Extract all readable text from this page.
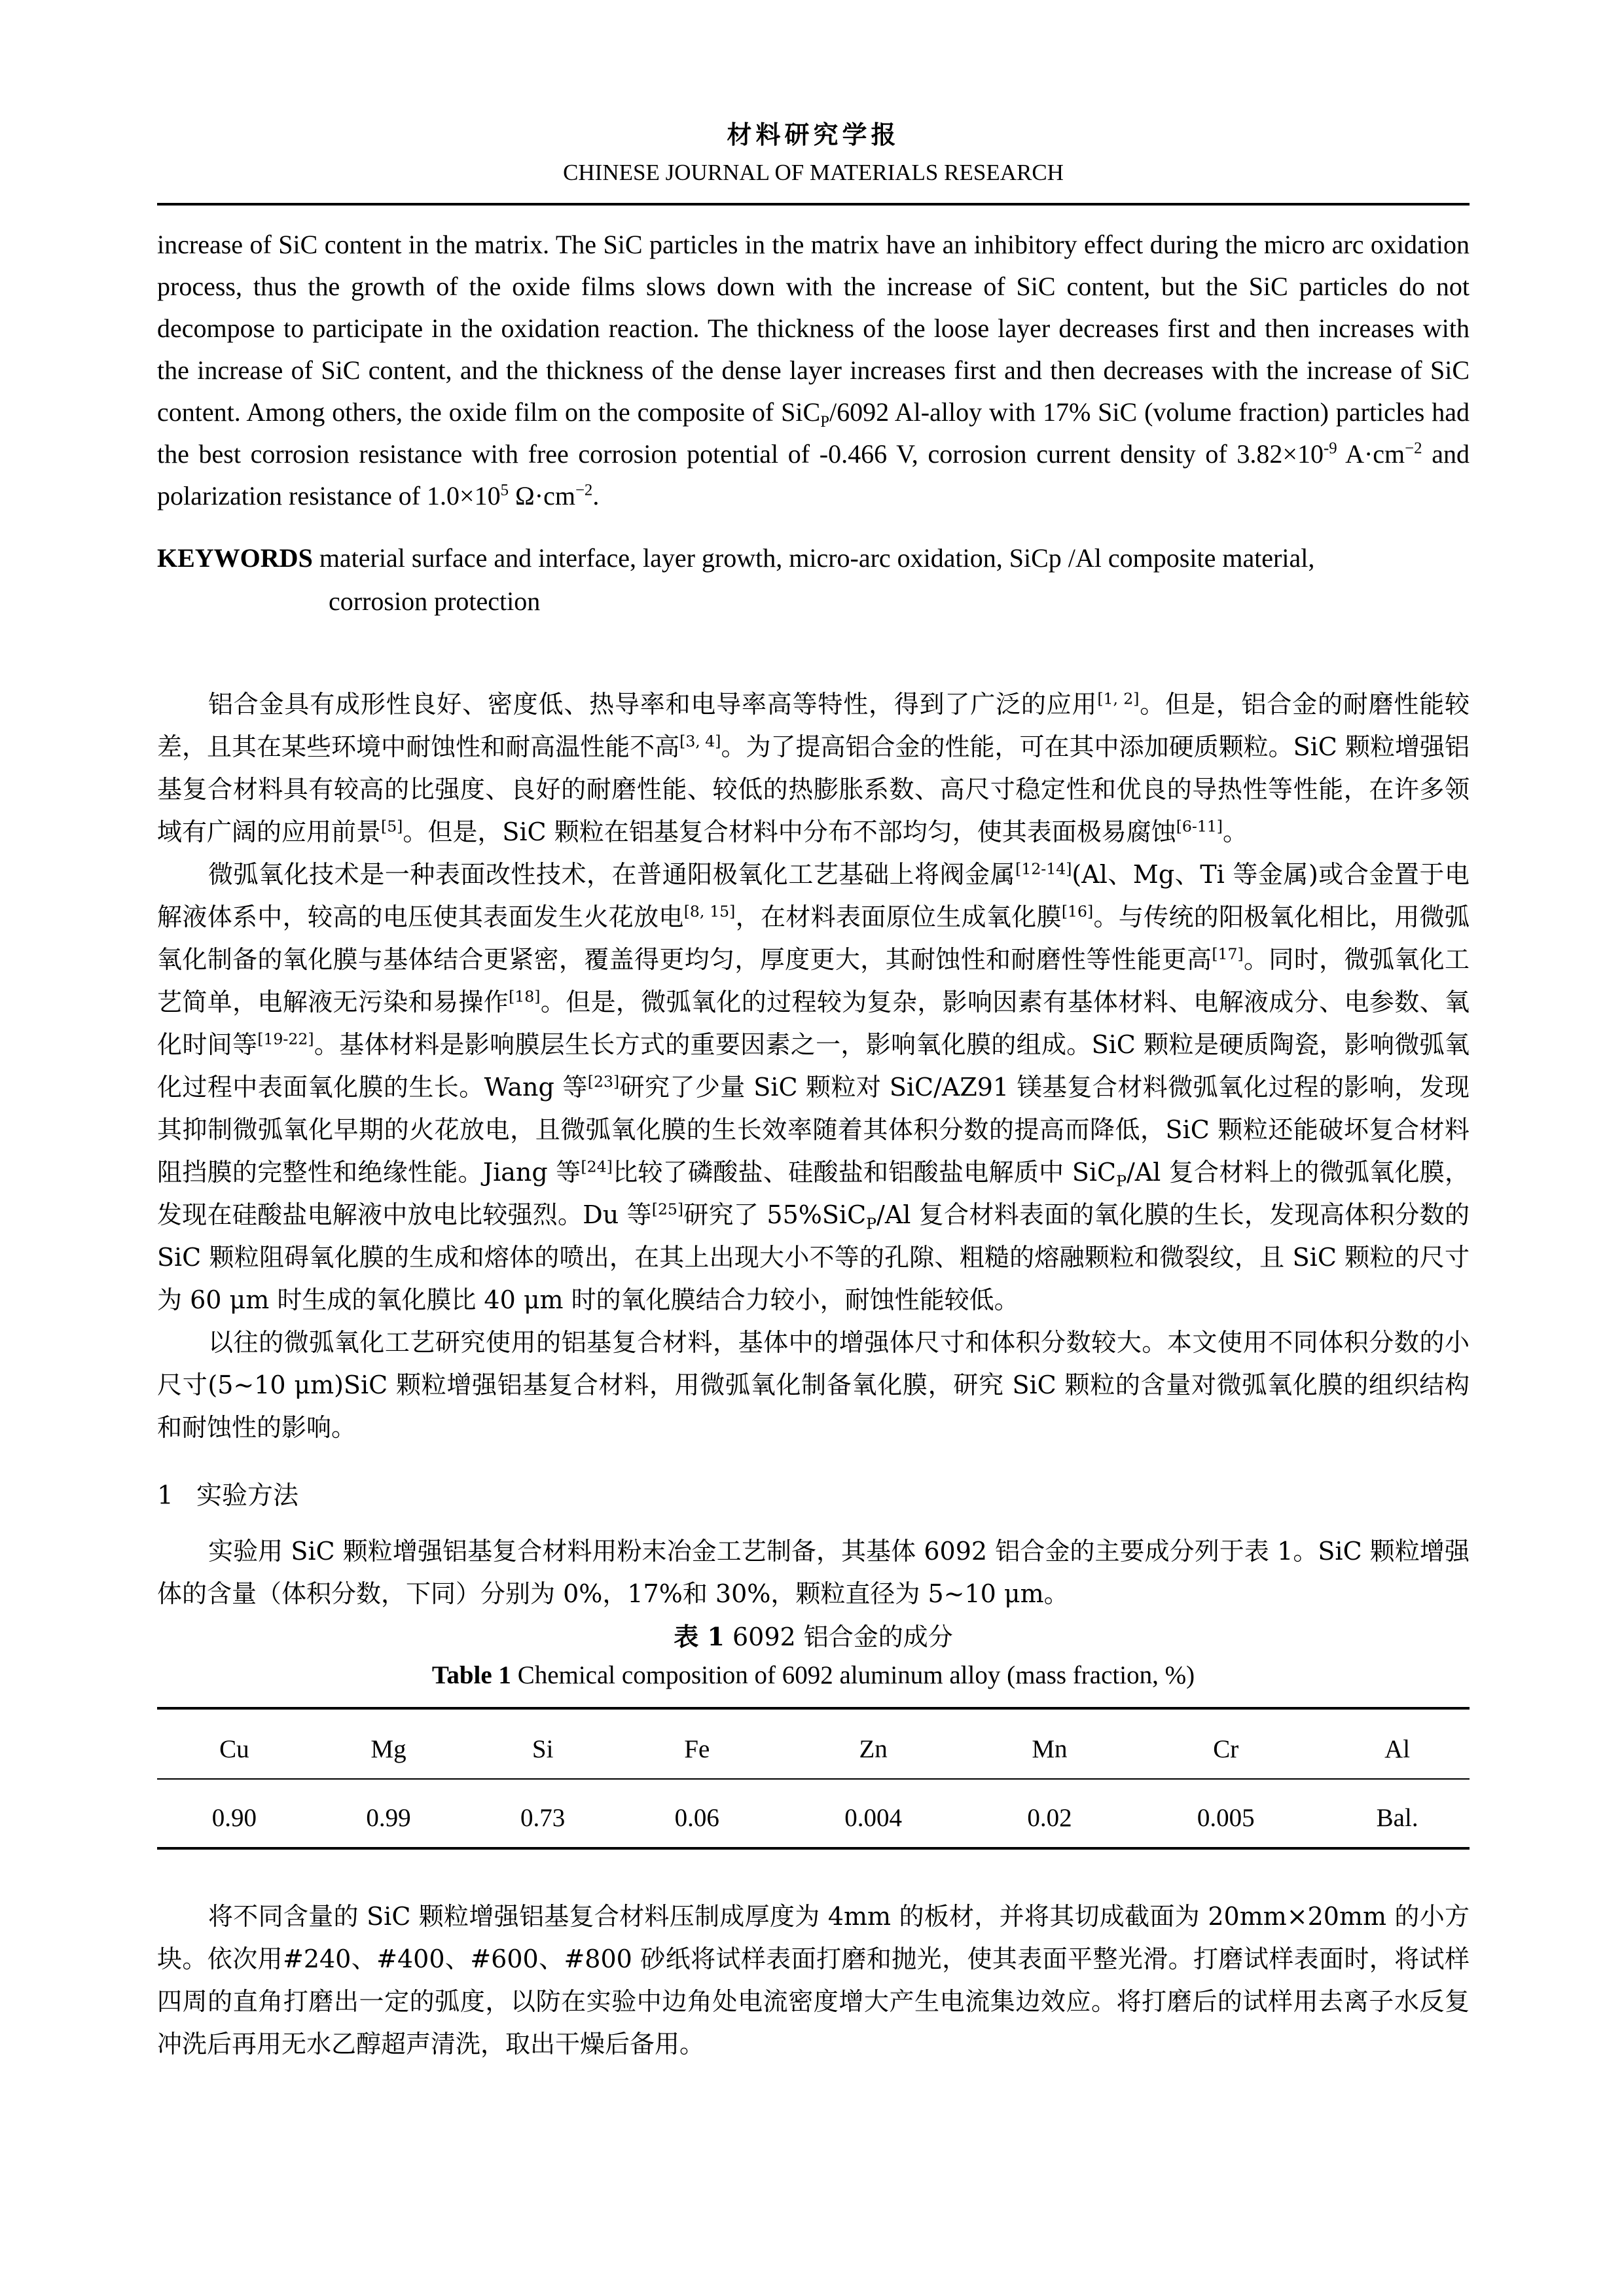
材料研究学报
CHINESE JOURNAL OF MATERIALS RESEARCH
increase of SiC content in the matrix. The SiC particles in the matrix have an inhibitory effect during the micro arc oxidation process, thus the growth of the oxide films slows down with the increase of SiC content, but the SiC particles do not decompose to participate in the oxidation reaction. The thickness of the loose layer decreases first and then increases with the increase of SiC content, and the thickness of the dense layer increases first and then decreases with the increase of SiC content. Among others, the oxide film on the composite of SiC$_P$/6092 Al-alloy with 17% SiC (volume fraction) particles had the best corrosion resistance with free corrosion potential of -0.466 V, corrosion current density of $3.82\times 10^{-9}$ $A\cdot cm^{-2}$ and polarization resistance of $1.0\times 10^5$ $\Omega\cdot cm^{-2}$.
KEYWORDS material surface and interface, layer growth, micro-arc oxidation, SiCp /Al composite material,
corrosion protection

铝合金具有成形性良好、密度低、热导率和电导率高等特性，得到了广泛的应用[1, 2]。但是，铝合金的耐磨性能较差，且其在某些环境中耐蚀性和耐高温性能不高[3, 4]。为了提高铝合金的性能，可在其中添加硬质颗粒。SiC 颗粒增强铝基复合材料具有较高的比强度、良好的耐磨性能、较低的热膨胀系数、高尺寸稳定性和优良的导热性等性能，在许多领域有广阔的应用前景[5]。但是，SiC 颗粒在铝基复合材料中分布不部均匀，使其表面极易腐蚀[6-11]。

微弧氧化技术是一种表面改性技术，在普通阳极氧化工艺基础上将阀金属[12-14](Al、Mg、Ti 等金属)或合金置于电解液体系中，较高的电压使其表面发生火花放电[8, 15]，在材料表面原位生成氧化膜[16]。与传统的阳极氧化相比，用微弧氧化制备的氧化膜与基体结合更紧密，覆盖得更均匀，厚度更大，其耐蚀性和耐磨性等性能更高[17]。同时，微弧氧化工艺简单，电解液无污染和易操作[18]。但是，微弧氧化的过程较为复杂，影响因素有基体材料、电解液成分、电参数、氧化时间等[19-22]。基体材料是影响膜层生长方式的重要因素之一，影响氧化膜的组成。SiC 颗粒是硬质陶瓷，影响微弧氧化过程中表面氧化膜的生长。Wang 等[23]研究了少量 SiC 颗粒对 SiC/AZ91 镁基复合材料微弧氧化过程的影响，发现其抑制微弧氧化早期的火花放电，且微弧氧化膜的生长效率随着其体积分数的提高而降低，SiC 颗粒还能破坏复合材料阻挡膜的完整性和绝缘性能。Jiang 等[24]比较了磷酸盐、硅酸盐和铝酸盐电解质中 SiC$_P$/Al 复合材料上的微弧氧化膜，发现在硅酸盐电解液中放电比较强烈。Du 等[25]研究了 55%SiC$_P$/Al 复合材料表面的氧化膜的生长，发现高体积分数的 SiC 颗粒阻碍氧化膜的生成和熔体的喷出，在其上出现大小不等的孔隙、粗糙的熔融颗粒和微裂纹，且 SiC 颗粒的尺寸为 60 μm 时生成的氧化膜比 40 μm 时的氧化膜结合力较小，耐蚀性能较低。

以往的微弧氧化工艺研究使用的铝基复合材料，基体中的增强体尺寸和体积分数较大。本文使用不同体积分数的小尺寸(5~10 μm)SiC 颗粒增强铝基复合材料，用微弧氧化制备氧化膜，研究 SiC 颗粒的含量对微弧氧化膜的组织结构和耐蚀性的影响。

1 实验方法

实验用 SiC 颗粒增强铝基复合材料用粉末冶金工艺制备，其基体 6092 铝合金的主要成分列于表 1。SiC 颗粒增强体的含量（体积分数，下同）分别为 0%，17%和 30%，颗粒直径为 5~10 μm。

表 1 6092 铝合金的成分
Table 1 Chemical composition of 6092 aluminum alloy (mass fraction, %)
Cu	Mg	Si	Fe	Zn	Mn	Cr	Al
0.90	0.99	0.73	0.06	0.004	0.02	0.005	Bal.

将不同含量的 SiC 颗粒增强铝基复合材料压制成厚度为 4mm 的板材，并将其切成截面为 20mm×20mm 的小方块。依次用#240、#400、#600、#800 砂纸将试样表面打磨和抛光，使其表面平整光滑。打磨试样表面时，将试样四周的直角打磨出一定的弧度，以防在实验中边角处电流密度增大产生电流集边效应。将打磨后的试样用去离子水反复冲洗后再用无水乙醇超声清洗，取出干燥后备用。
